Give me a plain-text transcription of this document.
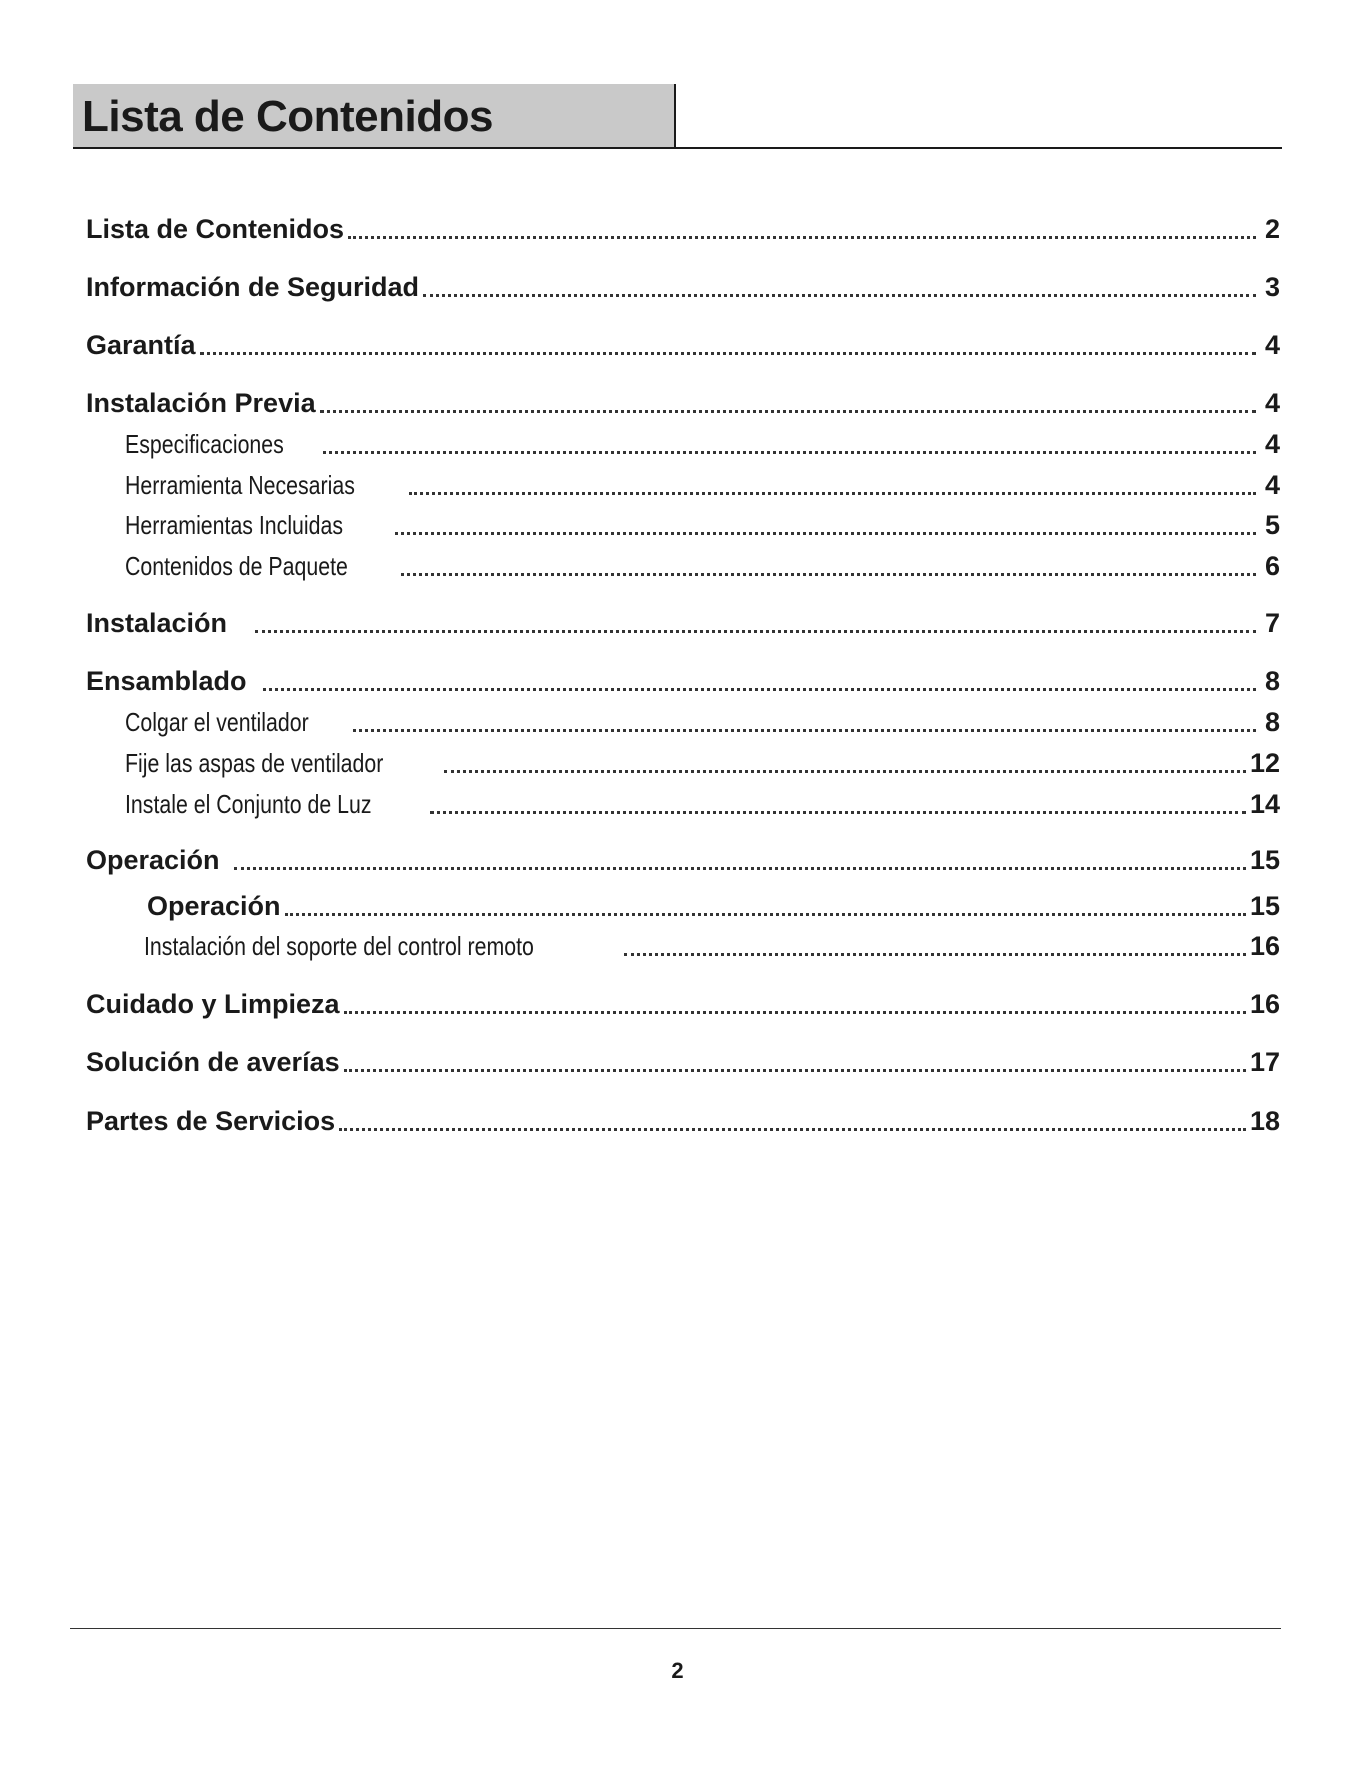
Lista de Contenidos
Lista de Contenidos	2
Información de Seguridad	3
Garantía	4
Instalación Previa	4
Especificaciones	4
Herramienta Necesarias	4
Herramientas Incluidas	5
Contenidos de Paquete	6
Instalación	7
Ensamblado	8
Colgar el ventilador	8
Fije las aspas de ventilador	12
Instale el Conjunto de Luz	14
Operación	15
Operación	15
Instalación del soporte del control remoto	16
Cuidado y Limpieza	16
Solución de averías	17
Partes de Servicios	18
2
